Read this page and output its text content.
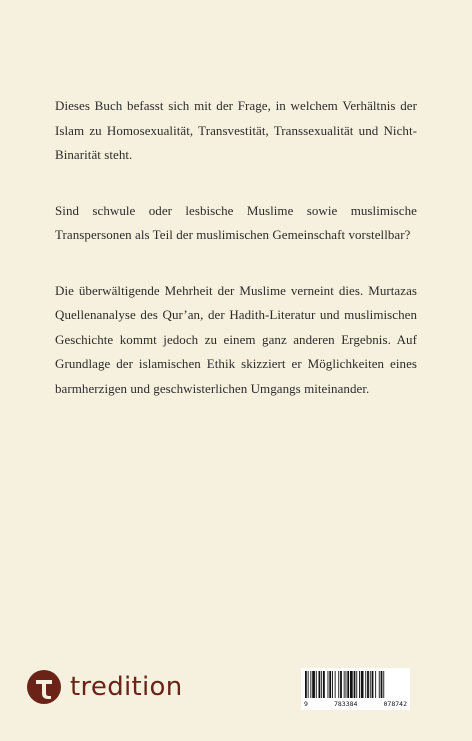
Dieses Buch befasst sich mit der Frage, in welchem Verhältnis der Islam zu Homosexualität, Transvestität, Transsexualität und Nicht-Binarität steht.

Sind schwule oder lesbische Muslime sowie muslimische Transpersonen als Teil der muslimischen Gemeinschaft vorstellbar?

Die überwältigende Mehrheit der Muslime verneint dies. Murtazas Quellenanalyse des Qur’an, der Hadith-Literatur und muslimischen Geschichte kommt jedoch zu einem ganz anderen Ergebnis. Auf Grundlage der islamischen Ethik skizziert er Möglichkeiten eines barmherzigen und geschwisterlichen Umgangs miteinander.

tredition
9	783384	078742
